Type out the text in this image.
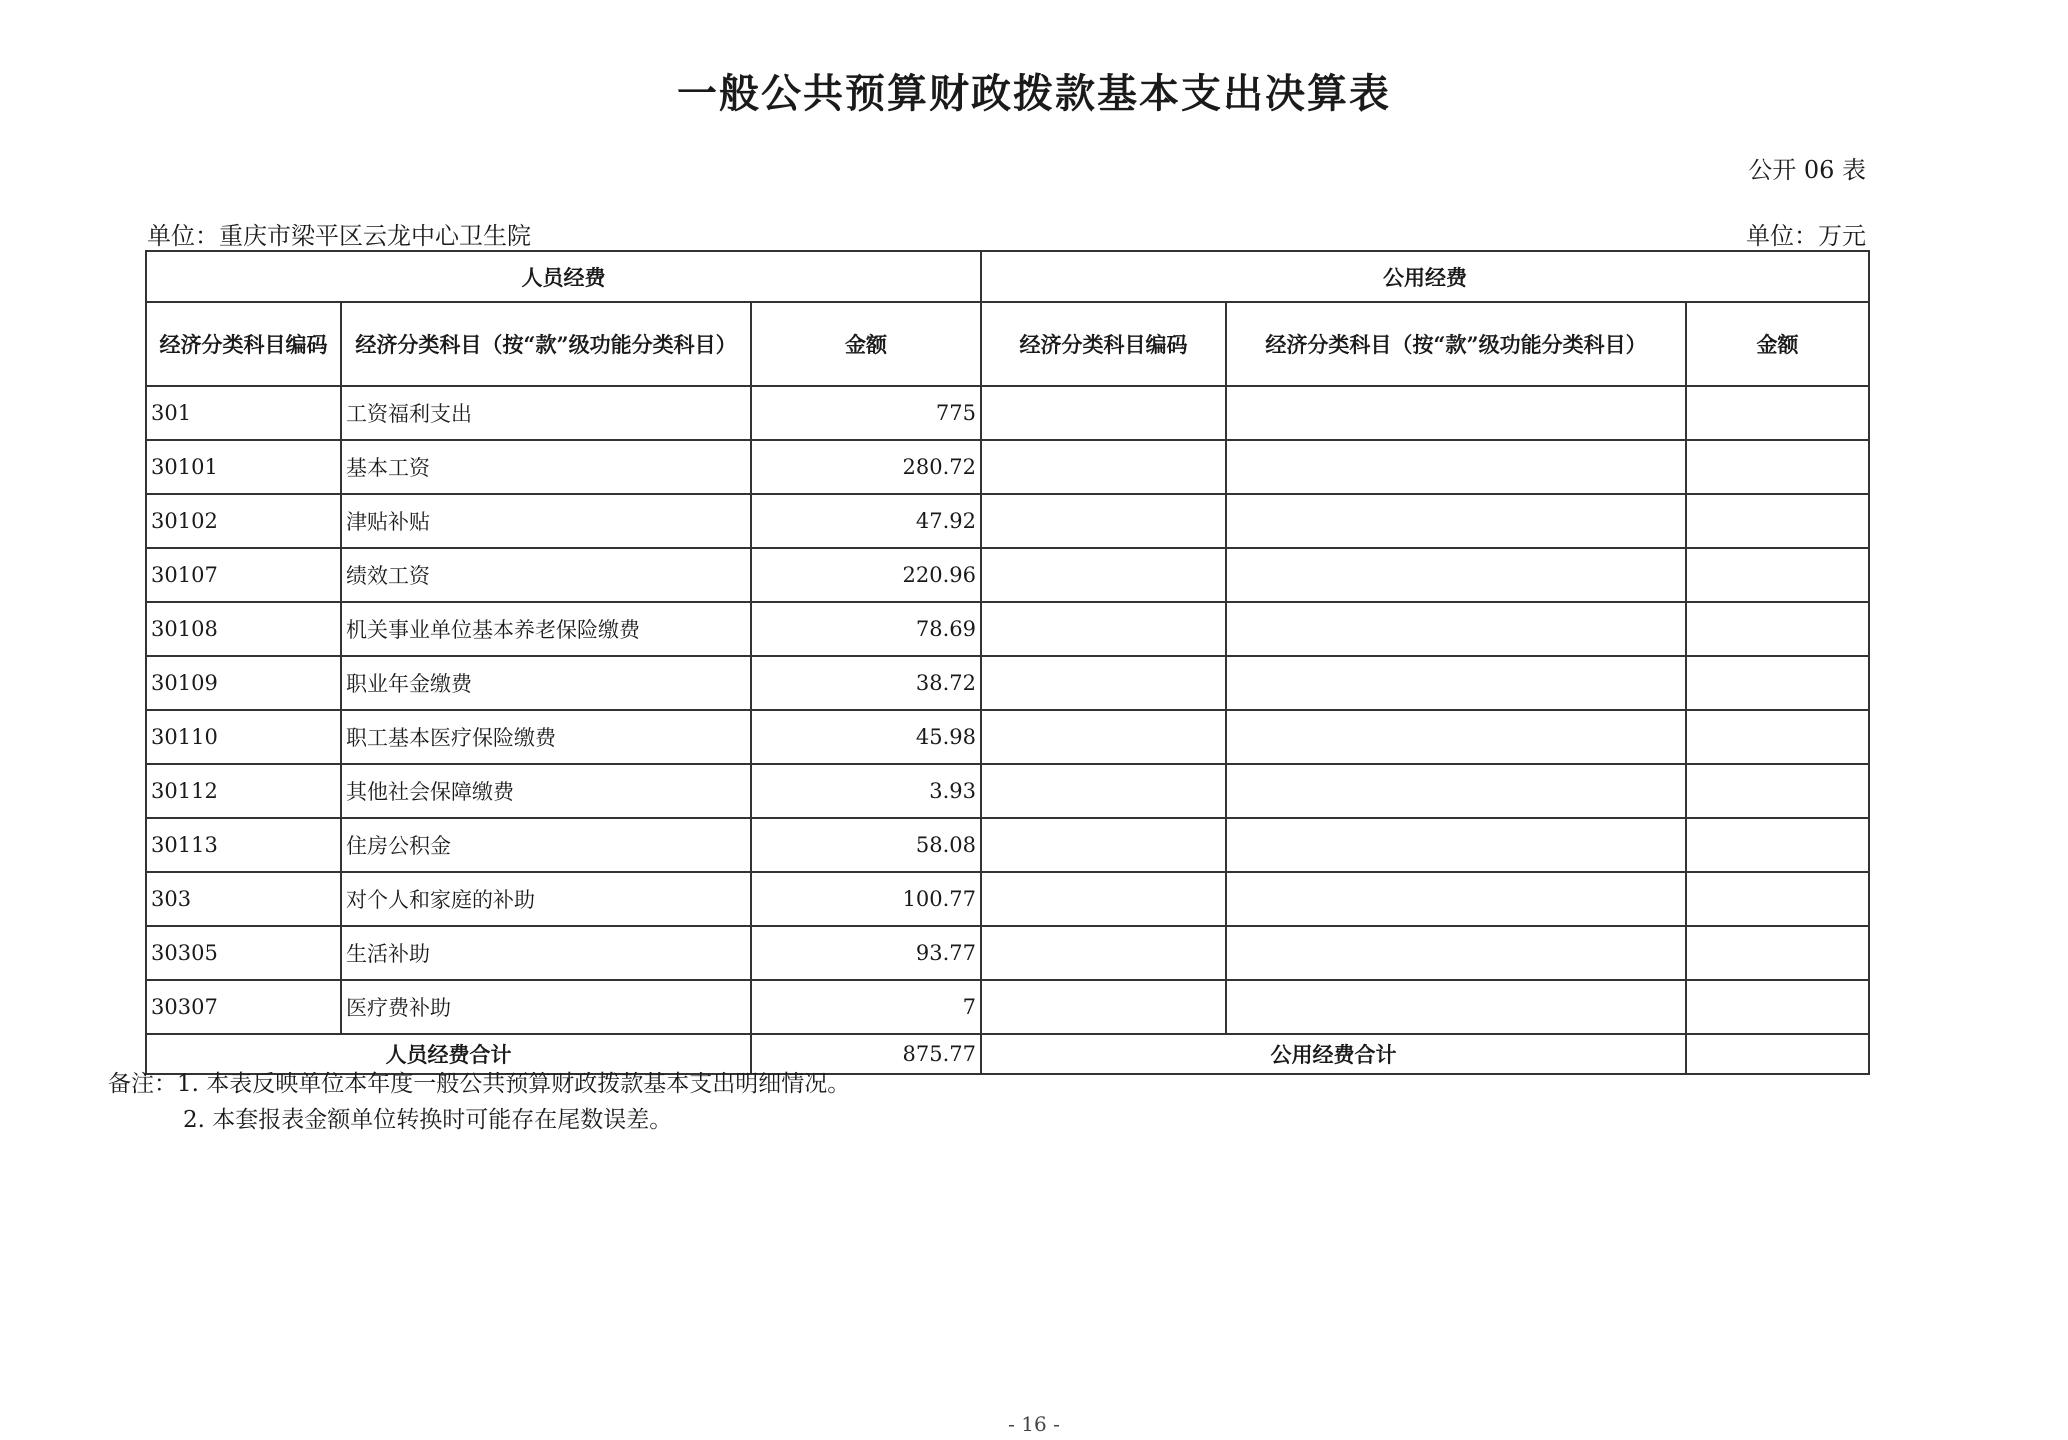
一般公共预算财政拨款基本支出决算表
公开 06 表
单位：重庆市梁平区云龙中心卫生院	单位：万元
人员经费			公用经费		
经济分类科目编码	经济分类科目（按“款”级功能分类科目）	金额	经济分类科目编码	经济分类科目（按“款”级功能分类科目）	金额
301	工资福利支出	775			
30101	基本工资	280.72			
30102	津贴补贴	47.92			
30107	绩效工资	220.96			
30108	机关事业单位基本养老保险缴费	78.69			
30109	职业年金缴费	38.72			
30110	职工基本医疗保险缴费	45.98			
30112	其他社会保障缴费	3.93			
30113	住房公积金	58.08			
303	对个人和家庭的补助	100.77			
30305	生活补助	93.77			
30307	医疗费补助	7			
人员经费合计		875.77	公用经费合计		
备注：1. 本表反映单位本年度一般公共预算财政拨款基本支出明细情况。
2. 本套报表金额单位转换时可能存在尾数误差。
- 16 -
